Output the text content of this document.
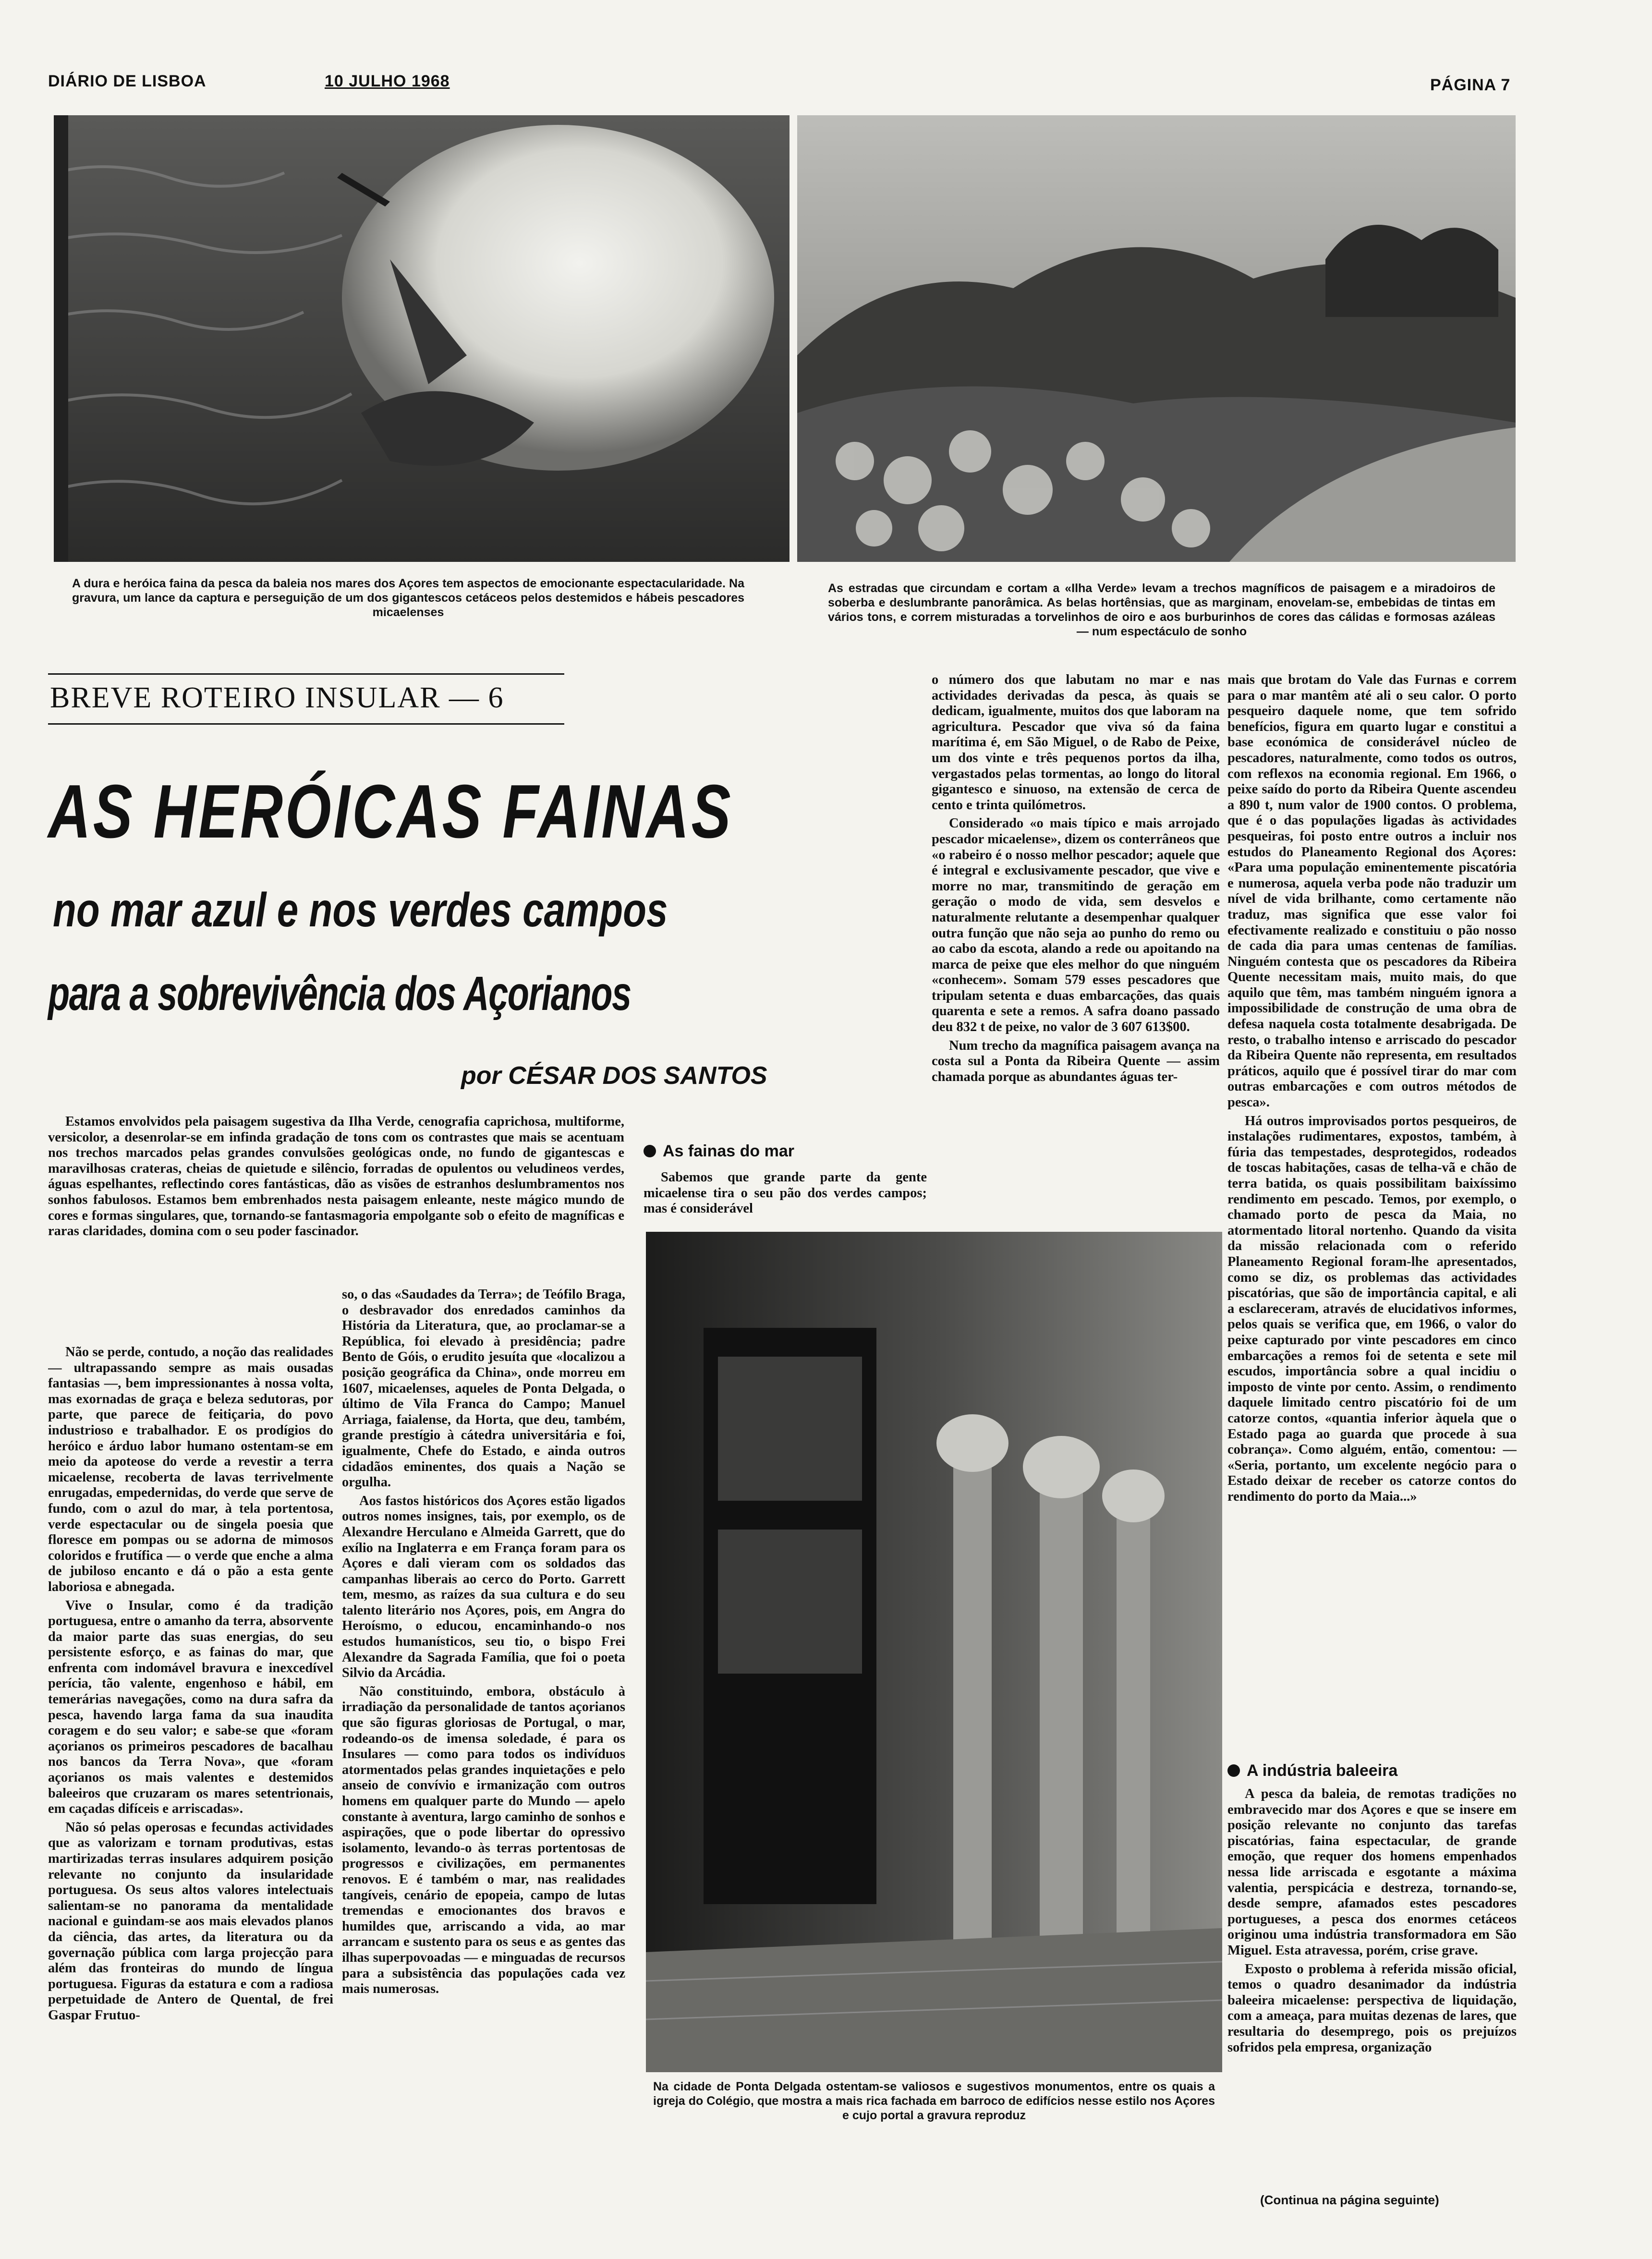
DIÁRIO DE LISBOA	10 JULHO 1968	PÁGINA 7
A dura e heróica faina da pesca da baleia nos mares dos Açores tem aspectos de emocionante espectacularidade. Na gravura, um lance da captura e perseguição de um dos gigantescos cetáceos pelos destemidos e hábeis pescadores micaelenses
As estradas que circundam e cortam a «Ilha Verde» levam a trechos magníficos de paisagem e a miradoiros de soberba e deslumbrante panorâmica. As belas hortênsias, que as marginam, enovelam-se, embebidas de tintas em vários tons, e correm misturadas a torvelinhos de oiro e aos burburinhos de cores das cálidas e formosas azáleas — num espectáculo de sonho
BREVE ROTEIRO INSULAR — 6
AS HERÓICAS FAINAS
no mar azul e nos verdes campos
para a sobrevivência dos Açorianos
por CÉSAR DOS SANTOS

Estamos envolvidos pela paisagem sugestiva da Ilha Verde, cenografia caprichosa, multiforme, versicolor, a desenrolar-se em infinda gradação de tons com os contrastes que mais se acentuam nos trechos marcados pelas grandes convulsões geológicas onde, no fundo de gigantescas e maravilhosas crateras, cheias de quietude e silêncio, forradas de opulentos ou veludineos verdes, águas espelhantes, reflectindo cores fantásticas, dão as visões de estranhos deslumbramentos nos sonhos fabulosos. Estamos bem embrenhados nesta paisagem enleante, neste mágico mundo de cores e formas singulares, que, tornando-se fantasmagoria empolgante sob o efeito de magníficas e raras claridades, domina com o seu poder fascinador.

Não se perde, contudo, a noção das realidades — ultrapassando sempre as mais ousadas fantasias —, bem impressionantes à nossa volta, mas exornadas de graça e beleza sedutoras, por parte, que parece de feitiçaria, do povo industrioso e trabalhador. E os prodígios do heróico e árduo labor humano ostentam-se em meio da apoteose do verde a revestir a terra micaelense, recoberta de lavas terrivelmente enrugadas, empedernidas, do verde que serve de fundo, com o azul do mar, à tela portentosa, verde espectacular ou de singela poesia que floresce em pompas ou se adorna de mimosos coloridos e frutífica — o verde que enche a alma de jubiloso encanto e dá o pão a esta gente laboriosa e abnegada.

Vive o Insular, como é da tradição portuguesa, entre o amanho da terra, absorvente da maior parte das suas energias, do seu persistente esforço, e as fainas do mar, que enfrenta com indomável bravura e inexcedível perícia, tão valente, engenhoso e hábil, em temerárias navegações, como na dura safra da pesca, havendo larga fama da sua inaudita coragem e do seu valor; e sabe-se que «foram açorianos os primeiros pescadores de bacalhau nos bancos da Terra Nova», que «foram açorianos os mais valentes e destemidos baleeiros que cruzaram os mares setentrionais, em caçadas difíceis e arriscadas».

Não só pelas operosas e fecundas actividades que as valorizam e tornam produtivas, estas martirizadas terras insulares adquirem posição relevante no conjunto da insularidade portuguesa. Os seus altos valores intelectuais salientam-se no panorama da mentalidade nacional e guindam-se aos mais elevados planos da ciência, das artes, da literatura ou da governação pública com larga projecção para além das fronteiras do mundo de língua portuguesa. Figuras da estatura e com a radiosa perpetuidade de Antero de Quental, de frei Gaspar Frutuo-

so, o das «Saudades da Terra»; de Teófilo Braga, o desbravador dos enredados caminhos da História da Literatura, que, ao proclamar-se a República, foi elevado à presidência; padre Bento de Góis, o erudito jesuíta que «localizou a posição geográfica da China», onde morreu em 1607, micaelenses, aqueles de Ponta Delgada, o último de Vila Franca do Campo; Manuel Arriaga, faialense, da Horta, que deu, também, grande prestígio à cátedra universitária e foi, igualmente, Chefe do Estado, e ainda outros cidadãos eminentes, dos quais a Nação se orgulha.

Aos fastos históricos dos Açores estão ligados outros nomes insignes, tais, por exemplo, os de Alexandre Herculano e Almeida Garrett, que do exílio na Inglaterra e em França foram para os Açores e dali vieram com os soldados das campanhas liberais ao cerco do Porto. Garrett tem, mesmo, as raízes da sua cultura e do seu talento literário nos Açores, pois, em Angra do Heroísmo, o educou, encaminhando-o nos estudos humanísticos, seu tio, o bispo Frei Alexandre da Sagrada Família, que foi o poeta Silvio da Arcádia.

Não constituindo, embora, obstáculo à irradiação da personalidade de tantos açorianos que são figuras gloriosas de Portugal, o mar, rodeando-os de imensa soledade, é para os Insulares — como para todos os indivíduos atormentados pelas grandes inquietações e pelo anseio de convívio e irmanização com outros homens em qualquer parte do Mundo — apelo constante à aventura, largo caminho de sonhos e aspirações, que o pode libertar do opressivo isolamento, levando-o às terras portentosas de progressos e civilizações, em permanentes renovos. E é também o mar, nas realidades tangíveis, cenário de epopeia, campo de lutas tremendas e emocionantes dos bravos e humildes que, arriscando a vida, ao mar arrancam e sustento para os seus e as gentes das ilhas superpovoadas — e minguadas de recursos para a subsistência das populações cada vez mais numerosas.

o número dos que labutam no mar e nas actividades derivadas da pesca, às quais se dedicam, igualmente, muitos dos que laboram na agricultura. Pescador que viva só da faina marítima é, em São Miguel, o de Rabo de Peixe, um dos vinte e três pequenos portos da ilha, vergastados pelas tormentas, ao longo do litoral gigantesco e sinuoso, na extensão de cerca de cento e trinta quilómetros.

Considerado «o mais típico e mais arrojado pescador micaelense», dizem os conterrâneos que «o rabeiro é o nosso melhor pescador; aquele que é integral e exclusivamente pescador, que vive e morre no mar, transmitindo de geração em geração o modo de vida, sem desvelos e naturalmente relutante a desempenhar qualquer outra função que não seja ao punho do remo ou ao cabo da escota, alando a rede ou apoitando na marca de peixe que eles melhor do que ninguém «conhecem». Somam 579 esses pescadores que tripulam setenta e duas embarcações, das quais quarenta e sete a remos. A safra doano passado deu 832 t de peixe, no valor de 3 607 613$00.

Num trecho da magnífica paisagem avança na costa sul a Ponta da Ribeira Quente — assim chamada porque as abundantes águas ter-

As fainas do mar

Sabemos que grande parte da gente micaelense tira o seu pão dos verdes campos; mas é considerável

Na cidade de Ponta Delgada ostentam-se valiosos e sugestivos monumentos, entre os quais a igreja do Colégio, que mostra a mais rica fachada em barroco de edifícios nesse estilo nos Açores e cujo portal a gravura reproduz

mais que brotam do Vale das Furnas e correm para o mar mantêm até ali o seu calor. O porto pesqueiro daquele nome, que tem sofrido benefícios, figura em quarto lugar e constitui a base económica de considerável núcleo de pescadores, naturalmente, como todos os outros, com reflexos na economia regional. Em 1966, o peixe saído do porto da Ribeira Quente ascendeu a 890 t, num valor de 1900 contos. O problema, que é o das populações ligadas às actividades pesqueiras, foi posto entre outros a incluir nos estudos do Planeamento Regional dos Açores: «Para uma população eminentemente piscatória e numerosa, aquela verba pode não traduzir um nível de vida brilhante, como certamente não traduz, mas significa que esse valor foi efectivamente realizado e constituiu o pão nosso de cada dia para umas centenas de famílias. Ninguém contesta que os pescadores da Ribeira Quente necessitam mais, muito mais, do que aquilo que têm, mas também ninguém ignora a impossibilidade de construção de uma obra de defesa naquela costa totalmente desabrigada. De resto, o trabalho intenso e arriscado do pescador da Ribeira Quente não representa, em resultados práticos, aquilo que é possível tirar do mar com outras embarcações e com outros métodos de pesca».

Há outros improvisados portos pesqueiros, de instalações rudimentares, expostos, também, à fúria das tempestades, desprotegidos, rodeados de toscas habitações, casas de telha-vã e chão de terra batida, os quais possibilitam baixíssimo rendimento em pescado. Temos, por exemplo, o chamado porto de pesca da Maia, no atormentado litoral nortenho. Quando da visita da missão relacionada com o referido Planeamento Regional foram-lhe apresentados, como se diz, os problemas das actividades piscatórias, que são de importância capital, e ali a esclareceram, através de elucidativos informes, pelos quais se verifica que, em 1966, o valor do peixe capturado por vinte pescadores em cinco embarcações a remos foi de setenta e sete mil escudos, importância sobre a qual incidiu o imposto de vinte por cento. Assim, o rendimento daquele limitado centro piscatório foi de um catorze contos, «quantia inferior àquela que o Estado paga ao guarda que procede à sua cobrança». Como alguém, então, comentou: — «Seria, portanto, um excelente negócio para o Estado deixar de receber os catorze contos do rendimento do porto da Maia...»

A indústria baleeira

A pesca da baleia, de remotas tradições no embravecido mar dos Açores e que se insere em posição relevante no conjunto das tarefas piscatórias, faina espectacular, de grande emoção, que requer dos homens empenhados nessa lide arriscada e esgotante a máxima valentia, perspicácia e destreza, tornando-se, desde sempre, afamados estes pescadores portugueses, a pesca dos enormes cetáceos originou uma indústria transformadora em São Miguel. Esta atravessa, porém, crise grave.

Exposto o problema à referida missão oficial, temos o quadro desanimador da indústria baleeira micaelense: perspectiva de liquidação, com a ameaça, para muitas dezenas de lares, que resultaria do desemprego, pois os prejuízos sofridos pela empresa, organização

(Continua na página seguinte)
